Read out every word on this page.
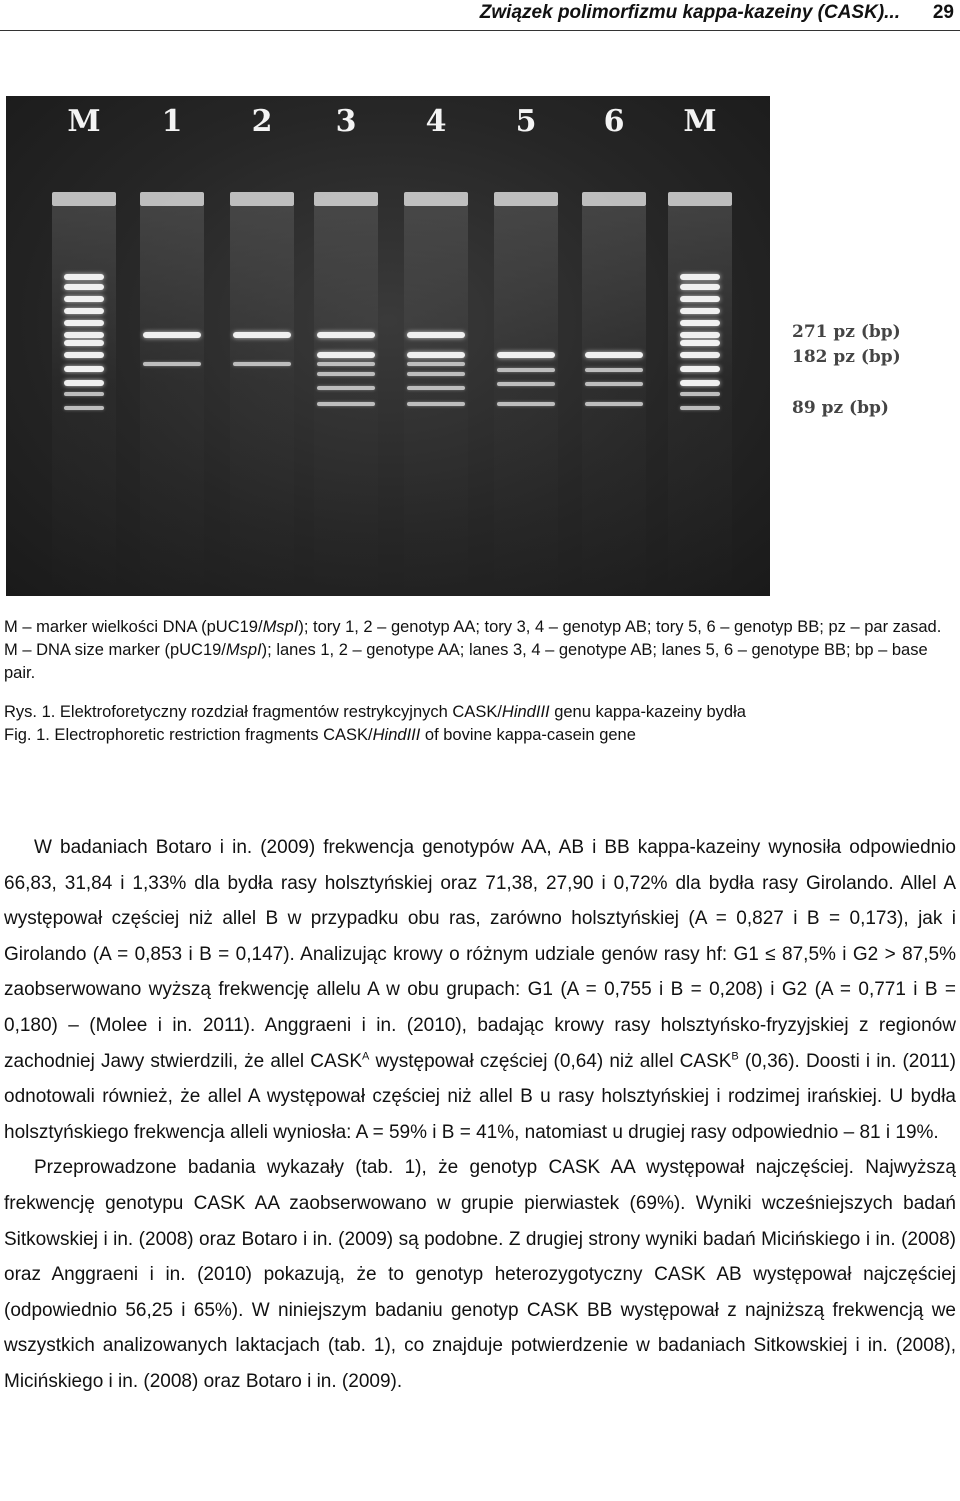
Związek polimorfizmu kappa-kazeiny (CASK)... 29
M 1 2 3 4 5 6 M
271 pz (bp)
182 pz (bp)
89 pz (bp)

M – marker wielkości DNA (pUC19/MspI); tory 1, 2 – genotyp AA; tory 3, 4 – genotyp AB; tory 5, 6 – genotyp BB; pz – par zasad.

M – DNA size marker (pUC19/MspI); lanes 1, 2 – genotype AA; lanes 3, 4 – genotype AB; lanes 5, 6 – genotype BB; bp – base pair.

Rys. 1. Elektroforetyczny rozdział fragmentów restrykcyjnych CASK/HindIII genu kappa-kazeiny bydła

Fig. 1. Electrophoretic restriction fragments CASK/HindIII of bovine kappa-casein gene

W badaniach Botaro i in. (2009) frekwencja genotypów AA, AB i BB kappa-kazeiny wynosiła odpowiednio 66,83, 31,84 i 1,33% dla bydła rasy holsztyńskiej oraz 71,38, 27,90 i 0,72% dla bydła rasy Girolando. Allel A występował częściej niż allel B w przypadku obu ras, zarówno holsztyńskiej (A = 0,827 i B = 0,173), jak i Girolando (A = 0,853 i B = 0,147). Analizując krowy o różnym udziale genów rasy hf: G1 ≤ 87,5% i G2 > 87,5% zaobserwowano wyższą frekwencję allelu A w obu grupach: G1 (A = 0,755 i B = 0,208) i G2 (A = 0,771 i B = 0,180) – (Molee i in. 2011). Anggraeni i in. (2010), badając krowy rasy holsztyńsko-fryzyjskiej z regionów zachodniej Jawy stwierdzili, że allel $CASK^A$ występował częściej (0,64) niż allel $CASK^B$ (0,36). Doosti i in. (2011) odnotowali również, że allel A występował częściej niż allel B u rasy holsztyńskiej i rodzimej irańskiej. U bydła holsztyńskiego frekwencja alleli wyniosła: A = 59% i B = 41%, natomiast u drugiej rasy odpowiednio – 81 i 19%.

Przeprowadzone badania wykazały (tab. 1), że genotyp CASK AA występował najczęściej. Najwyższą frekwencję genotypu CASK AA zaobserwowano w grupie pierwiastek (69%). Wyniki wcześniejszych badań Sitkowskiej i in. (2008) oraz Botaro i in. (2009) są podobne. Z drugiej strony wyniki badań Micińskiego i in. (2008) oraz Anggraeni i in. (2010) pokazują, że to genotyp heterozygotyczny CASK AB występował najczęściej (odpowiednio 56,25 i 65%). W niniejszym badaniu genotyp CASK BB występował z najniższą frekwencją we wszystkich analizowanych laktacjach (tab. 1), co znajduje potwierdzenie w badaniach Sitkowskiej i in. (2008), Micińskiego i in. (2008) oraz Botaro i in. (2009).
